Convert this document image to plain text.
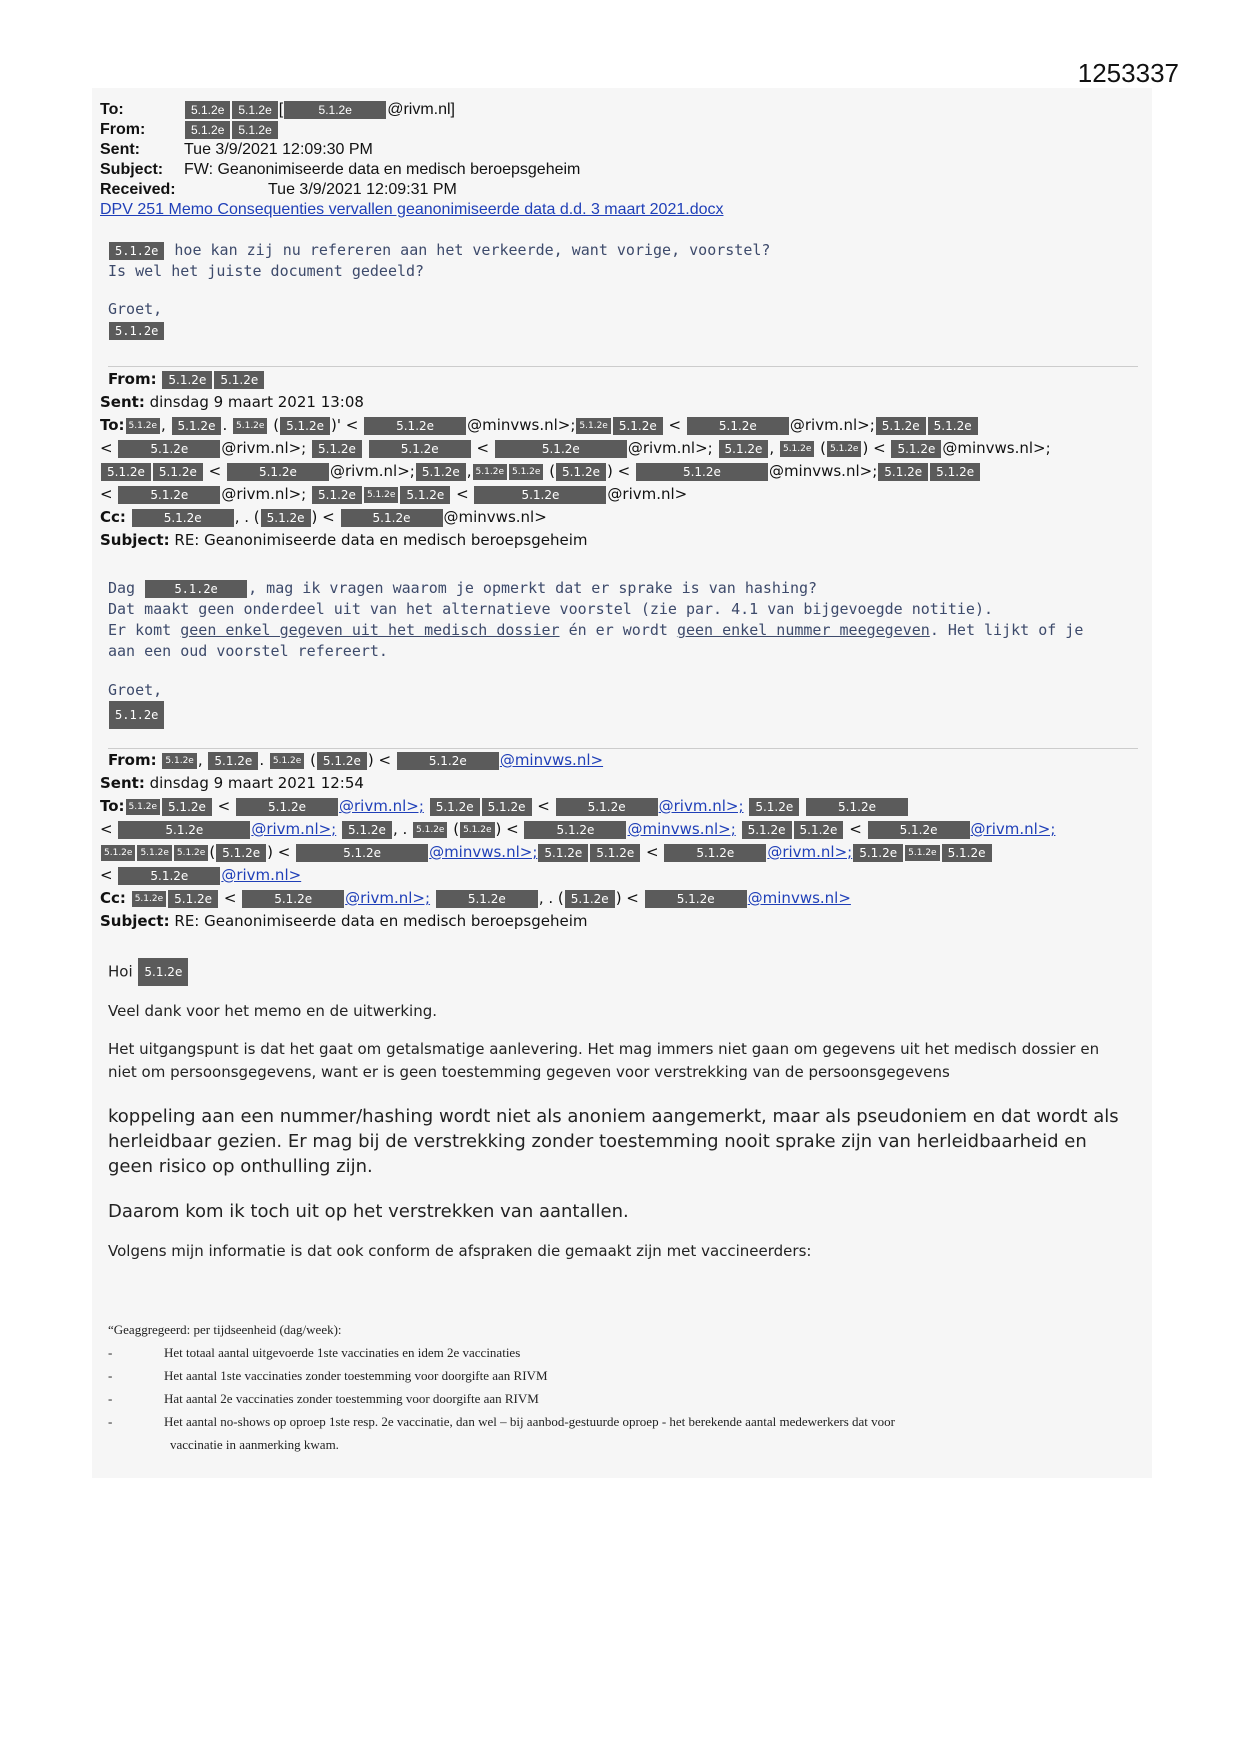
1253337
To:	5.1.2e 5.1.2e [	5.1.2e @rivm.nl]
From:	5.1.2e 5.1.2e
Sent:	Tue 3/9/2021 12:09:30 PM
Subject: FW: Geanonimiseerde data en medisch beroepsgeheim
Received:	Tue 3/9/2021 12:09:31 PM
DPV 251 Memo Consequenties vervallen geanonimiseerde data d.d. 3 maart 2021.docx
5.1.2e hoe kan zij nu refereren aan het verkeerde, want vorige, voorstel?
Is wel het juiste document gedeeld?
Groet,
5.1.2e
From: 5.1.2e 5.1.2e
Sent: dinsdag 9 maart 2021 13:08
To: 5.1.2e , 5.1.2e . 5.1.2e ( 5.1.2e )' <	5.1.2e @minvws.nl>; 5.1.2e 5.1.2e <	5.1.2e @rivm.nl>; 5.1.2e 5.1.2e
<	5.1.2e @rivm.nl>; 5.1.2e	5.1.2e <	5.1.2e	@rivm.nl>; 5.1.2e , 5.1.2e ( 5.1.2e ) < 5.1.2e @minvws.nl>;
5.1.2e 5.1.2e <	5.1.2e @rivm.nl>; 5.1.2e , 5.1.2e 5.1.2e ( 5.1.2e ) <	5.1.2e	@minvws.nl>; 5.1.2e 5.1.2e
<	5.1.2e @rivm.nl>; 5.1.2e 5.1.2e 5.1.2e <	5.1.2e	@rivm.nl>
Cc:	5.1.2e , . ( 5.1.2e ) <	5.1.2e @minvws.nl>
Subject: RE: Geanonimiseerde data en medisch beroepsgeheim
Dag	5.1.2e , mag ik vragen waarom je opmerkt dat er sprake is van hashing?
Dat maakt geen onderdeel uit van het alternatieve voorstel (zie par. 4.1 van bijgevoegde notitie).
Er komt geen enkel gegeven uit het medisch dossier én er wordt geen enkel nummer meegegeven. Het lijkt of je
aan een oud voorstel refereert.
Groet,
5.1.2e
From: 5.1.2e , 5.1.2e . 5.1.2e ( 5.1.2e ) <	5.1.2e @minvws.nl>
Sent: dinsdag 9 maart 2021 12:54
To: 5.1.2e 5.1.2e <	5.1.2e @rivm.nl>; 5.1.2e 5.1.2e <	5.1.2e @rivm.nl>; 5.1.2e	5.1.2e
<	5.1.2e	@rivm.nl>; 5.1.2e , . 5.1.2e ( 5.1.2e ) <	5.1.2e @minvws.nl>; 5.1.2e 5.1.2e <	5.1.2e @rivm.nl>;
5.1.2e 5.1.2e 5.1.2e ( 5.1.2e ) <	5.1.2e	@minvws.nl>; 5.1.2e 5.1.2e <	5.1.2e @rivm.nl>; 5.1.2e 5.1.2e 5.1.2e
<	5.1.2e @rivm.nl>
Cc: 5.1.2e 5.1.2e <	5.1.2e @rivm.nl>;	5.1.2e , . ( 5.1.2e ) <	5.1.2e @minvws.nl>
Subject: RE: Geanonimiseerde data en medisch beroepsgeheim
Hoi 5.1.2e
Veel dank voor het memo en de uitwerking.
Het uitgangspunt is dat het gaat om getalsmatige aanlevering. Het mag immers niet gaan om gegevens uit het medisch dossier en niet om persoonsgegevens, want er is geen toestemming gegeven voor verstrekking van de persoonsgegevens
koppeling aan een nummer/hashing wordt niet als anoniem aangemerkt, maar als pseudoniem en dat wordt als herleidbaar gezien. Er mag bij de verstrekking zonder toestemming nooit sprake zijn van herleidbaarheid en geen risico op onthulling zijn.
Daarom kom ik toch uit op het verstrekken van aantallen.
Volgens mijn informatie is dat ook conform de afspraken die gemaakt zijn met vaccineerders:
“Geaggregeerd: per tijdseenheid (dag/week):
-	Het totaal aantal uitgevoerde 1ste vaccinaties en idem 2e vaccinaties
-	Het aantal 1ste vaccinaties zonder toestemming voor doorgifte aan RIVM
-	Hat aantal 2e vaccinaties zonder toestemming voor doorgifte aan RIVM
-	Het aantal no-shows op oproep 1ste resp. 2e vaccinatie, dan wel – bij aanbod-gestuurde oproep - het berekende aantal medewerkers dat voor
vaccinatie in aanmerking kwam.
